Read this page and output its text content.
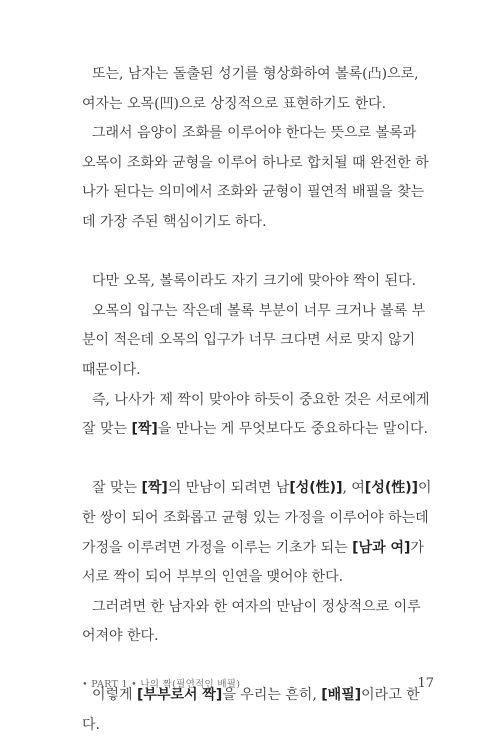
또는, 남자는 돌출된 성기를 형상화하여 볼록(凸)으로, 여자는 오목(凹)으로 상징적으로 표현하기도 한다.

그래서 음양이 조화를 이루어야 한다는 뜻으로 볼록과 오목이 조화와 균형을 이루어 하나로 합치될 때 완전한 하나가 된다는 의미에서 조화와 균형이 필연적 배필을 찾는 데 가장 주된 핵심이기도 하다.

다만 오목, 볼록이라도 자기 크기에 맞아야 짝이 된다.

오목의 입구는 작은데 볼록 부분이 너무 크거나 볼록 부분이 적은데 오목의 입구가 너무 크다면 서로 맞지 않기 때문이다.

즉, 나사가 제 짝이 맞아야 하듯이 중요한 것은 서로에게 잘 맞는 [짝]을 만나는 게 무엇보다도 중요하다는 말이다.

잘 맞는 [짝]의 만남이 되려면 남[성(性)], 여[성(性)]이 한 쌍이 되어 조화롭고 균형 있는 가정을 이루어야 하는데 가정을 이루려면 가정을 이루는 기초가 되는 [남과 여]가 서로 짝이 되어 부부의 인연을 맺어야 한다.

그러려면 한 남자와 한 여자의 만남이 정상적으로 이루어져야 한다.

이렇게 [부부로서 짝]을 우리는 흔히, [배필]이라고 한다.

• PART 1 • 나의 짝(필연적인 배필)	17
